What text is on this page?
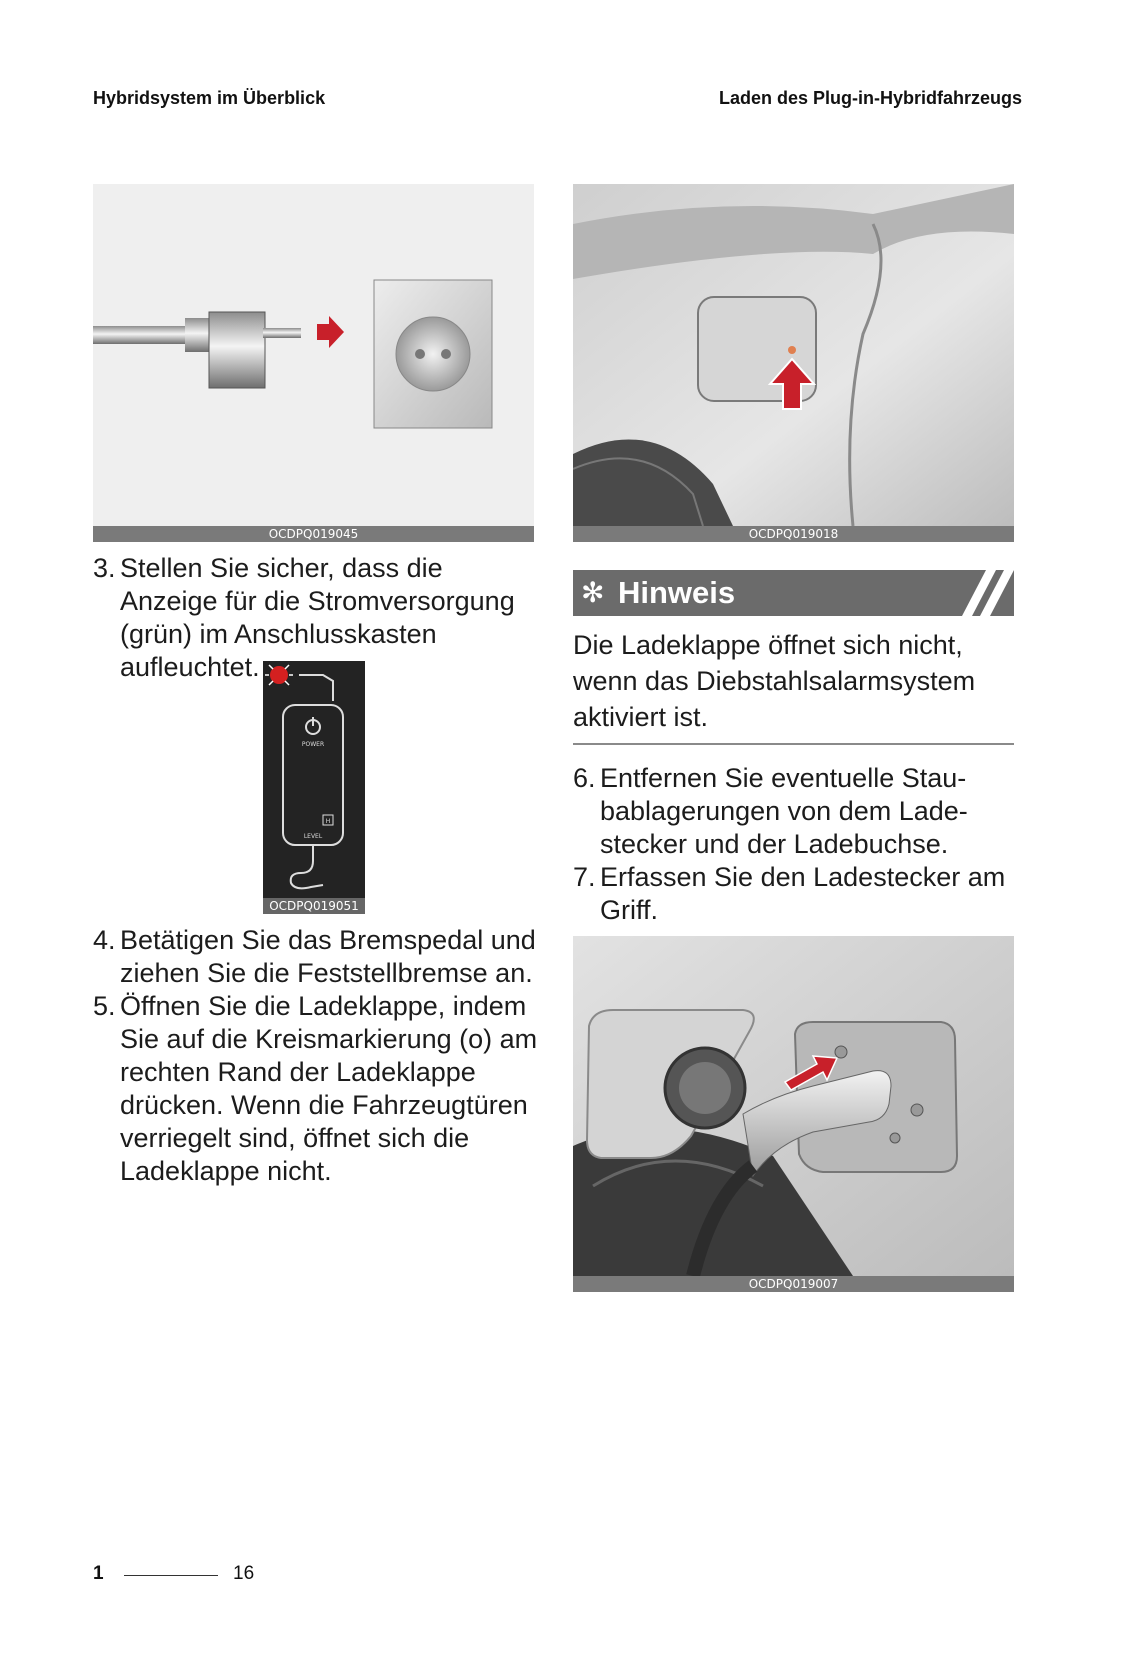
Hybridsystem im Überblick	Laden des Plug-in-Hybridfahrzeugs
OCDPQ019045	OCDPQ019018
3. Stellen Sie sicher, dass die Anzeige für die Stromversorgung (grün) im Anschlusskasten aufleuchtet.
POWER
H
LEVEL
OCDPQ019051
4. Betätigen Sie das Bremspedal und ziehen Sie die Feststellbremse an.
5. Öffnen Sie die Ladeklappe, indem Sie auf die Kreismarkierung (o) am rechten Rand der Ladeklappe drücken. Wenn die Fahrzeugtüren verriegelt sind, öffnet sich die Ladeklappe nicht.
✻ Hinweis
Die Ladeklappe öffnet sich nicht, wenn das Diebstahlsalarmsystem aktiviert ist.
6. Entfernen Sie eventuelle Stau-bablagerungen von dem Lade-stecker und der Ladebuchse.
7. Erfassen Sie den Ladestecker am Griff.
OCDPQ019007
1	16
